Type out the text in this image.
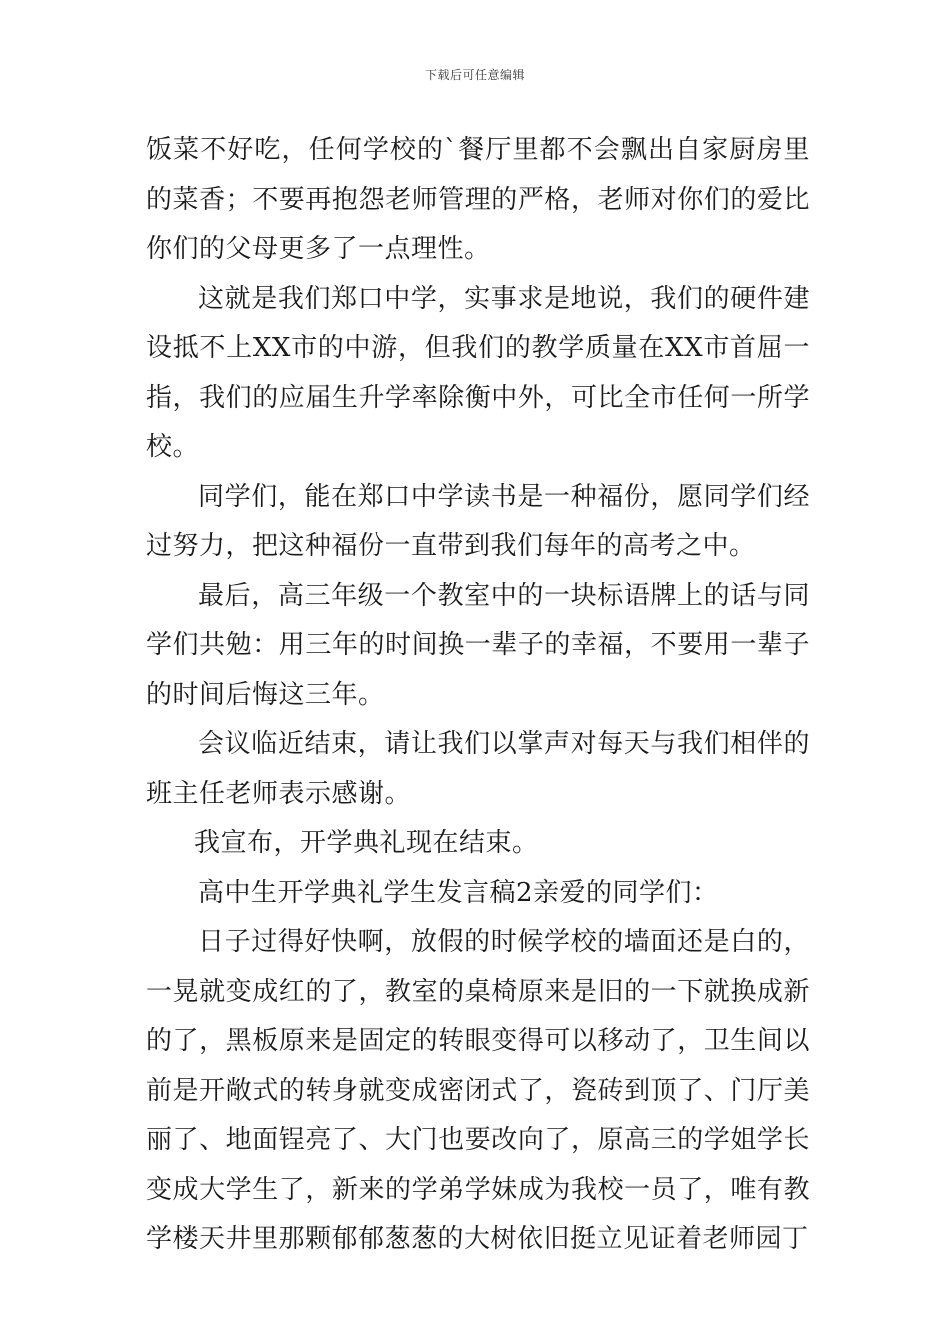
下载后可任意编辑

饭菜不好吃，任何学校的`餐厅里都不会飘出自家厨房里的菜香；不要再抱怨老师管理的严格，老师对你们的爱比你们的父母更多了一点理性。

这就是我们郑口中学，实事求是地说，我们的硬件建设抵不上XX市的中游，但我们的教学质量在XX市首屈一指，我们的应届生升学率除衡中外，可比全市任何一所学校。

同学们，能在郑口中学读书是一种福份，愿同学们经过努力，把这种福份一直带到我们每年的高考之中。

最后，高三年级一个教室中的一块标语牌上的话与同学们共勉：用三年的时间换一辈子的幸福，不要用一辈子的时间后悔这三年。

会议临近结束，请让我们以掌声对每天与我们相伴的班主任老师表示感谢。

我宣布，开学典礼现在结束。

高中生开学典礼学生发言稿2亲爱的同学们：

日子过得好快啊，放假的时候学校的墙面还是白的，一晃就变成红的了，教室的桌椅原来是旧的一下就换成新的了，黑板原来是固定的转眼变得可以移动了，卫生间以前是开敞式的转身就变成密闭式了，瓷砖到顶了、门厅美丽了、地面锃亮了、大门也要改向了，原高三的学姐学长变成大学生了，新来的学弟学妹成为我校一员了，唯有教学楼天井里那颗郁郁葱葱的大树依旧挺立见证着老师园丁
